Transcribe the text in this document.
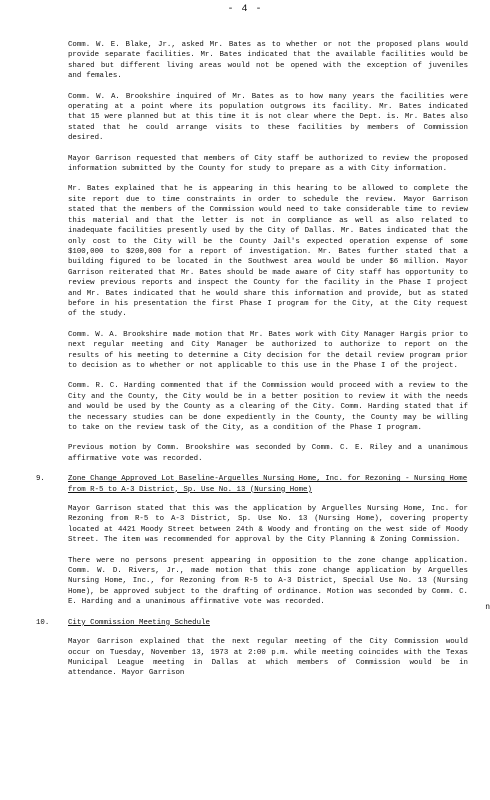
- 4 -

Comm. W. E. Blake, Jr., asked Mr. Bates as to whether or not the proposed plans would provide separate facilities. Mr. Bates indicated that the available facilities would be shared but different living areas would not be opened with the exception of juveniles and females.

Comm. W. A. Brookshire inquired of Mr. Bates as to how many years the facilities were operating at a point where its population outgrows its facility. Mr. Bates indicated that 15 were planned but at this time it is not clear where the Dept. is. Mr. Bates also stated that he could arrange visits to these facilities by members of Commission desired.

Mayor Garrison requested that members of City staff be authorized to review the proposed information submitted by the County for study to prepare as a with City information.

Mr. Bates explained that he is appearing in this hearing to be allowed to complete the site report due to time constraints in order to schedule the review. Mayor Garrison stated that the members of the Commission would need to take considerable time to review this material and that the letter is not in compliance as well as also related to inadequate facilities presently used by the City of Dallas. Mr. Bates indicated that the only cost to the City will be the County Jail's expected operation expense of some $100,000 to $200,000 for a report of investigation. Mr. Bates further stated that a building figured to be located in the Southwest area would be under $6 million. Mayor Garrison reiterated that Mr. Bates should be made aware of City staff has opportunity to review previous reports and inspect the County for the facility in the Phase I project and Mr. Bates indicated that he would share this information and provide, but as stated before in his presentation the first Phase I program for the City, at the City request of the study.

Comm. W. A. Brookshire made motion that Mr. Bates work with City Manager Hargis prior to next regular meeting and City Manager be authorized to authorize to report on the results of his meeting to determine a City decision for the detail review program prior to decision as to whether or not applicable to this use in the Phase I of the project.

Comm. R. C. Harding commented that if the Commission would proceed with a review to the City and the County, the City would be in a better position to review it with the needs and would be used by the County as a clearing of the City. Comm. Harding stated that if the necessary studies can be done expediently in the County, the County may be willing to take on the review task of the City, as a condition of the Phase I program.

Previous motion by Comm. Brookshire was seconded by Comm. C. E. Riley and a unanimous affirmative vote was recorded.

9.	Zone Change Approved Lot Baseline-Arguelles Nursing Home, Inc. for Rezoning - Nursing Home from R-5 to A-3 District, Sp. Use No. 13 (Nursing Home)

Mayor Garrison stated that this was the application by Arguelles Nursing Home, Inc. for Rezoning from R-5 to A-3 District, Sp. Use No. 13 (Nursing Home), covering property located at 4421 Moody Street between 24th & Woody and fronting on the west side of Moody Street. The item was recommended for approval by the City Planning & Zoning Commission.

There were no persons present appearing in opposition to the zone change application. Comm. W. D. Rivers, Jr., made motion that this zone change application by Arguelles Nursing Home, Inc., for Rezoning from R-5 to A-3 District, Special Use No. 13 (Nursing Home), be approved subject to the drafting of ordinance. Motion was seconded by Comm. C. E. Harding and a unanimous affirmative vote was recorded.

10.	City Commission Meeting Schedule

Mayor Garrison explained that the next regular meeting of the City Commission would occur on Tuesday, November 13, 1973 at 2:00 p.m. while meeting coincides with the Texas Municipal League meeting in Dallas at which members of Commission would be in attendance. Mayor Garrison

n
